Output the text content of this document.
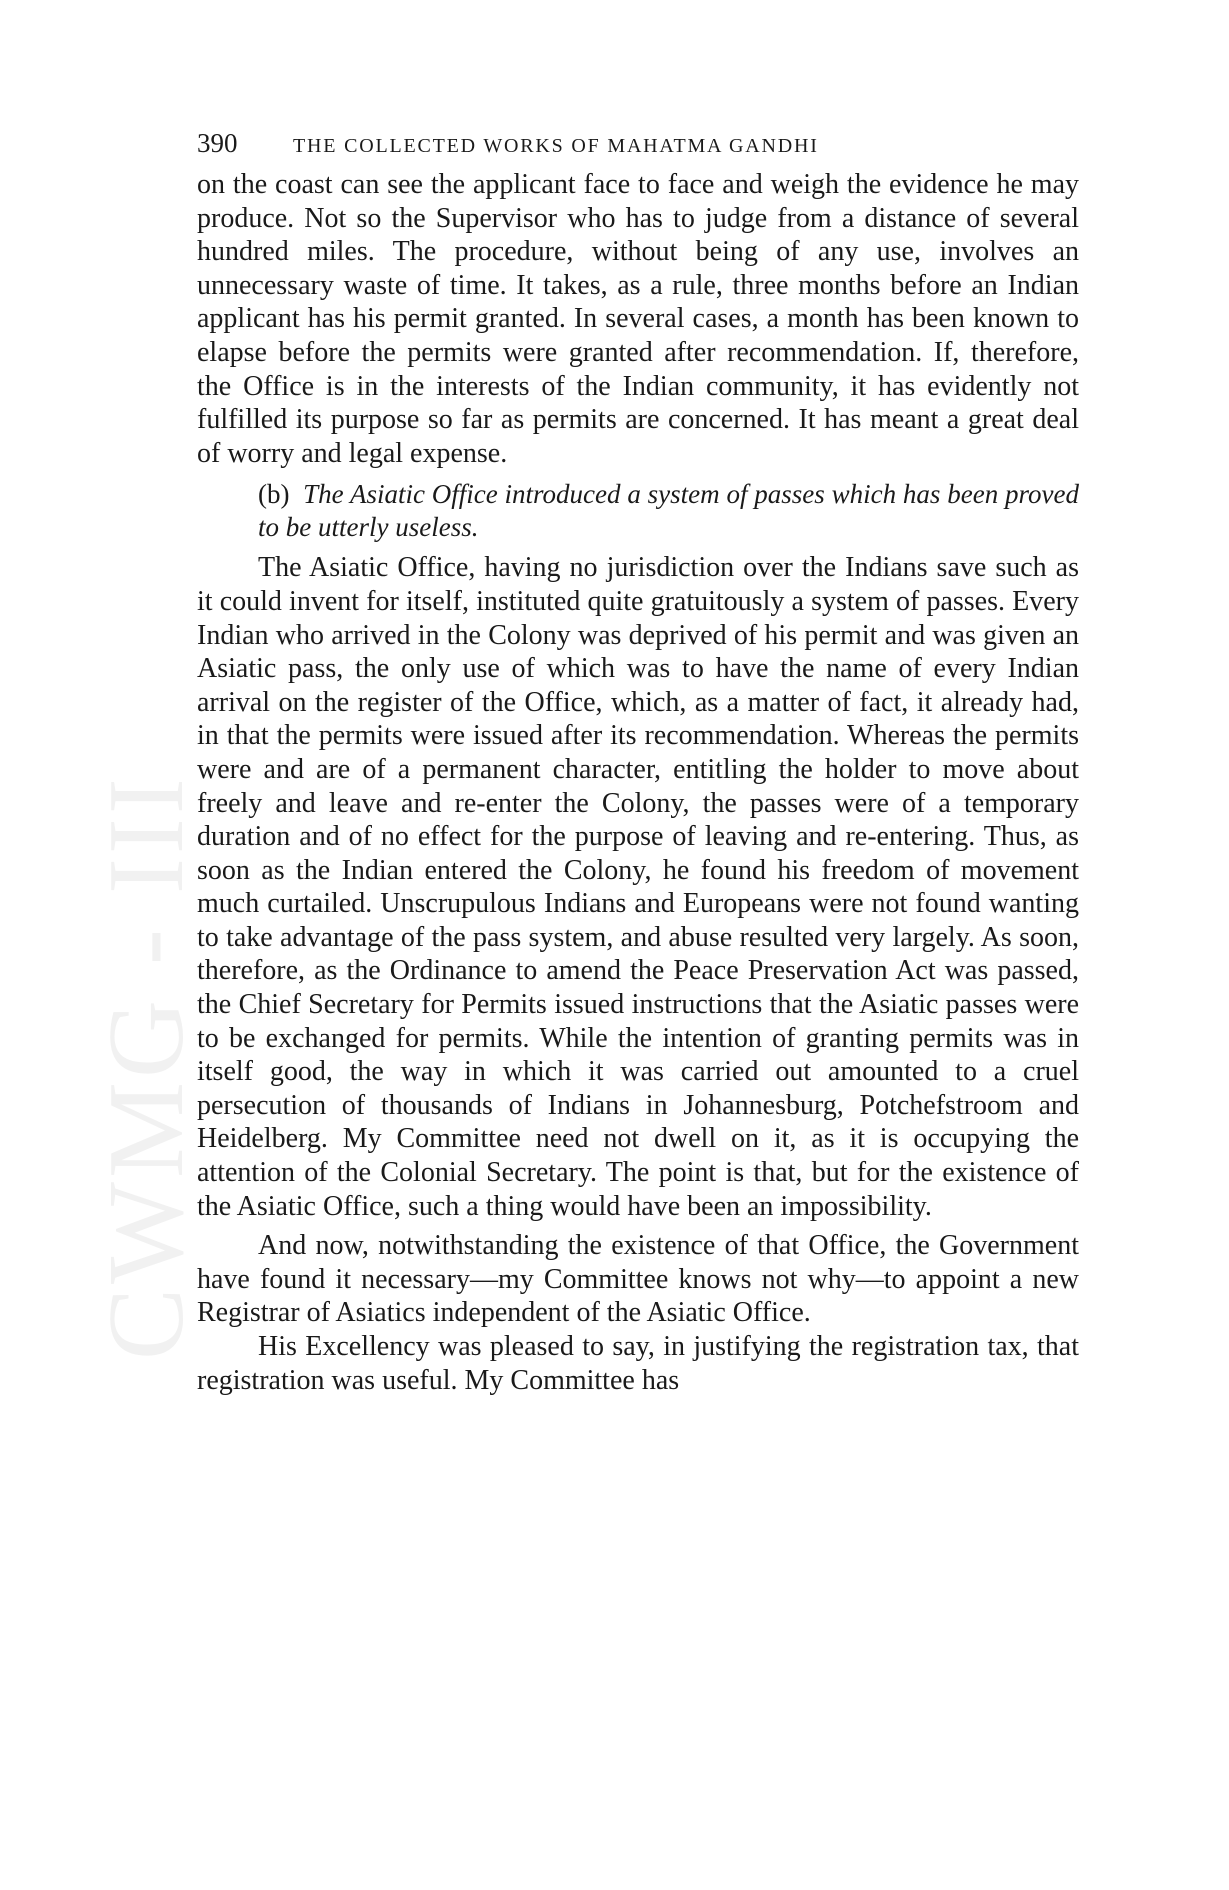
CWMG - III
390	THE COLLECTED WORKS OF MAHATMA GANDHI

on the coast can see the applicant face to face and weigh the evidence he may produce. Not so the Supervisor who has to judge from a distance of several hundred miles. The procedure, without being of any use, involves an unnecessary waste of time. It takes, as a rule, three months before an Indian applicant has his permit granted. In several cases, a month has been known to elapse before the permits were granted after recommendation. If, therefore, the Office is in the interests of the Indian community, it has evidently not fulfilled its purpose so far as permits are concerned. It has meant a great deal of worry and legal expense.

(b) The Asiatic Office introduced a system of passes which has been proved to be utterly useless.

The Asiatic Office, having no jurisdiction over the Indians save such as it could invent for itself, instituted quite gratuitously a system of passes. Every Indian who arrived in the Colony was deprived of his permit and was given an Asiatic pass, the only use of which was to have the name of every Indian arrival on the register of the Office, which, as a matter of fact, it already had, in that the permits were issued after its recommendation. Whereas the permits were and are of a permanent character, entitling the holder to move about freely and leave and re-enter the Colony, the passes were of a temporary duration and of no effect for the purpose of leaving and re-entering. Thus, as soon as the Indian entered the Colony, he found his freedom of movement much curtailed. Unscrupulous Indians and Europeans were not found wanting to take advantage of the pass system, and abuse resulted very largely. As soon, therefore, as the Ordinance to amend the Peace Preservation Act was passed, the Chief Secretary for Permits issued instructions that the Asiatic passes were to be exchanged for permits. While the intention of granting permits was in itself good, the way in which it was carried out amounted to a cruel persecution of thousands of Indians in Johannesburg, Potchefstroom and Heidelberg. My Committee need not dwell on it, as it is occupying the attention of the Colonial Secretary. The point is that, but for the existence of the Asiatic Office, such a thing would have been an impossibility.

And now, notwithstanding the existence of that Office, the Government have found it necessary—my Committee knows not why—to appoint a new Registrar of Asiatics independent of the Asiatic Office.

His Excellency was pleased to say, in justifying the registration tax, that registration was useful. My Committee has
